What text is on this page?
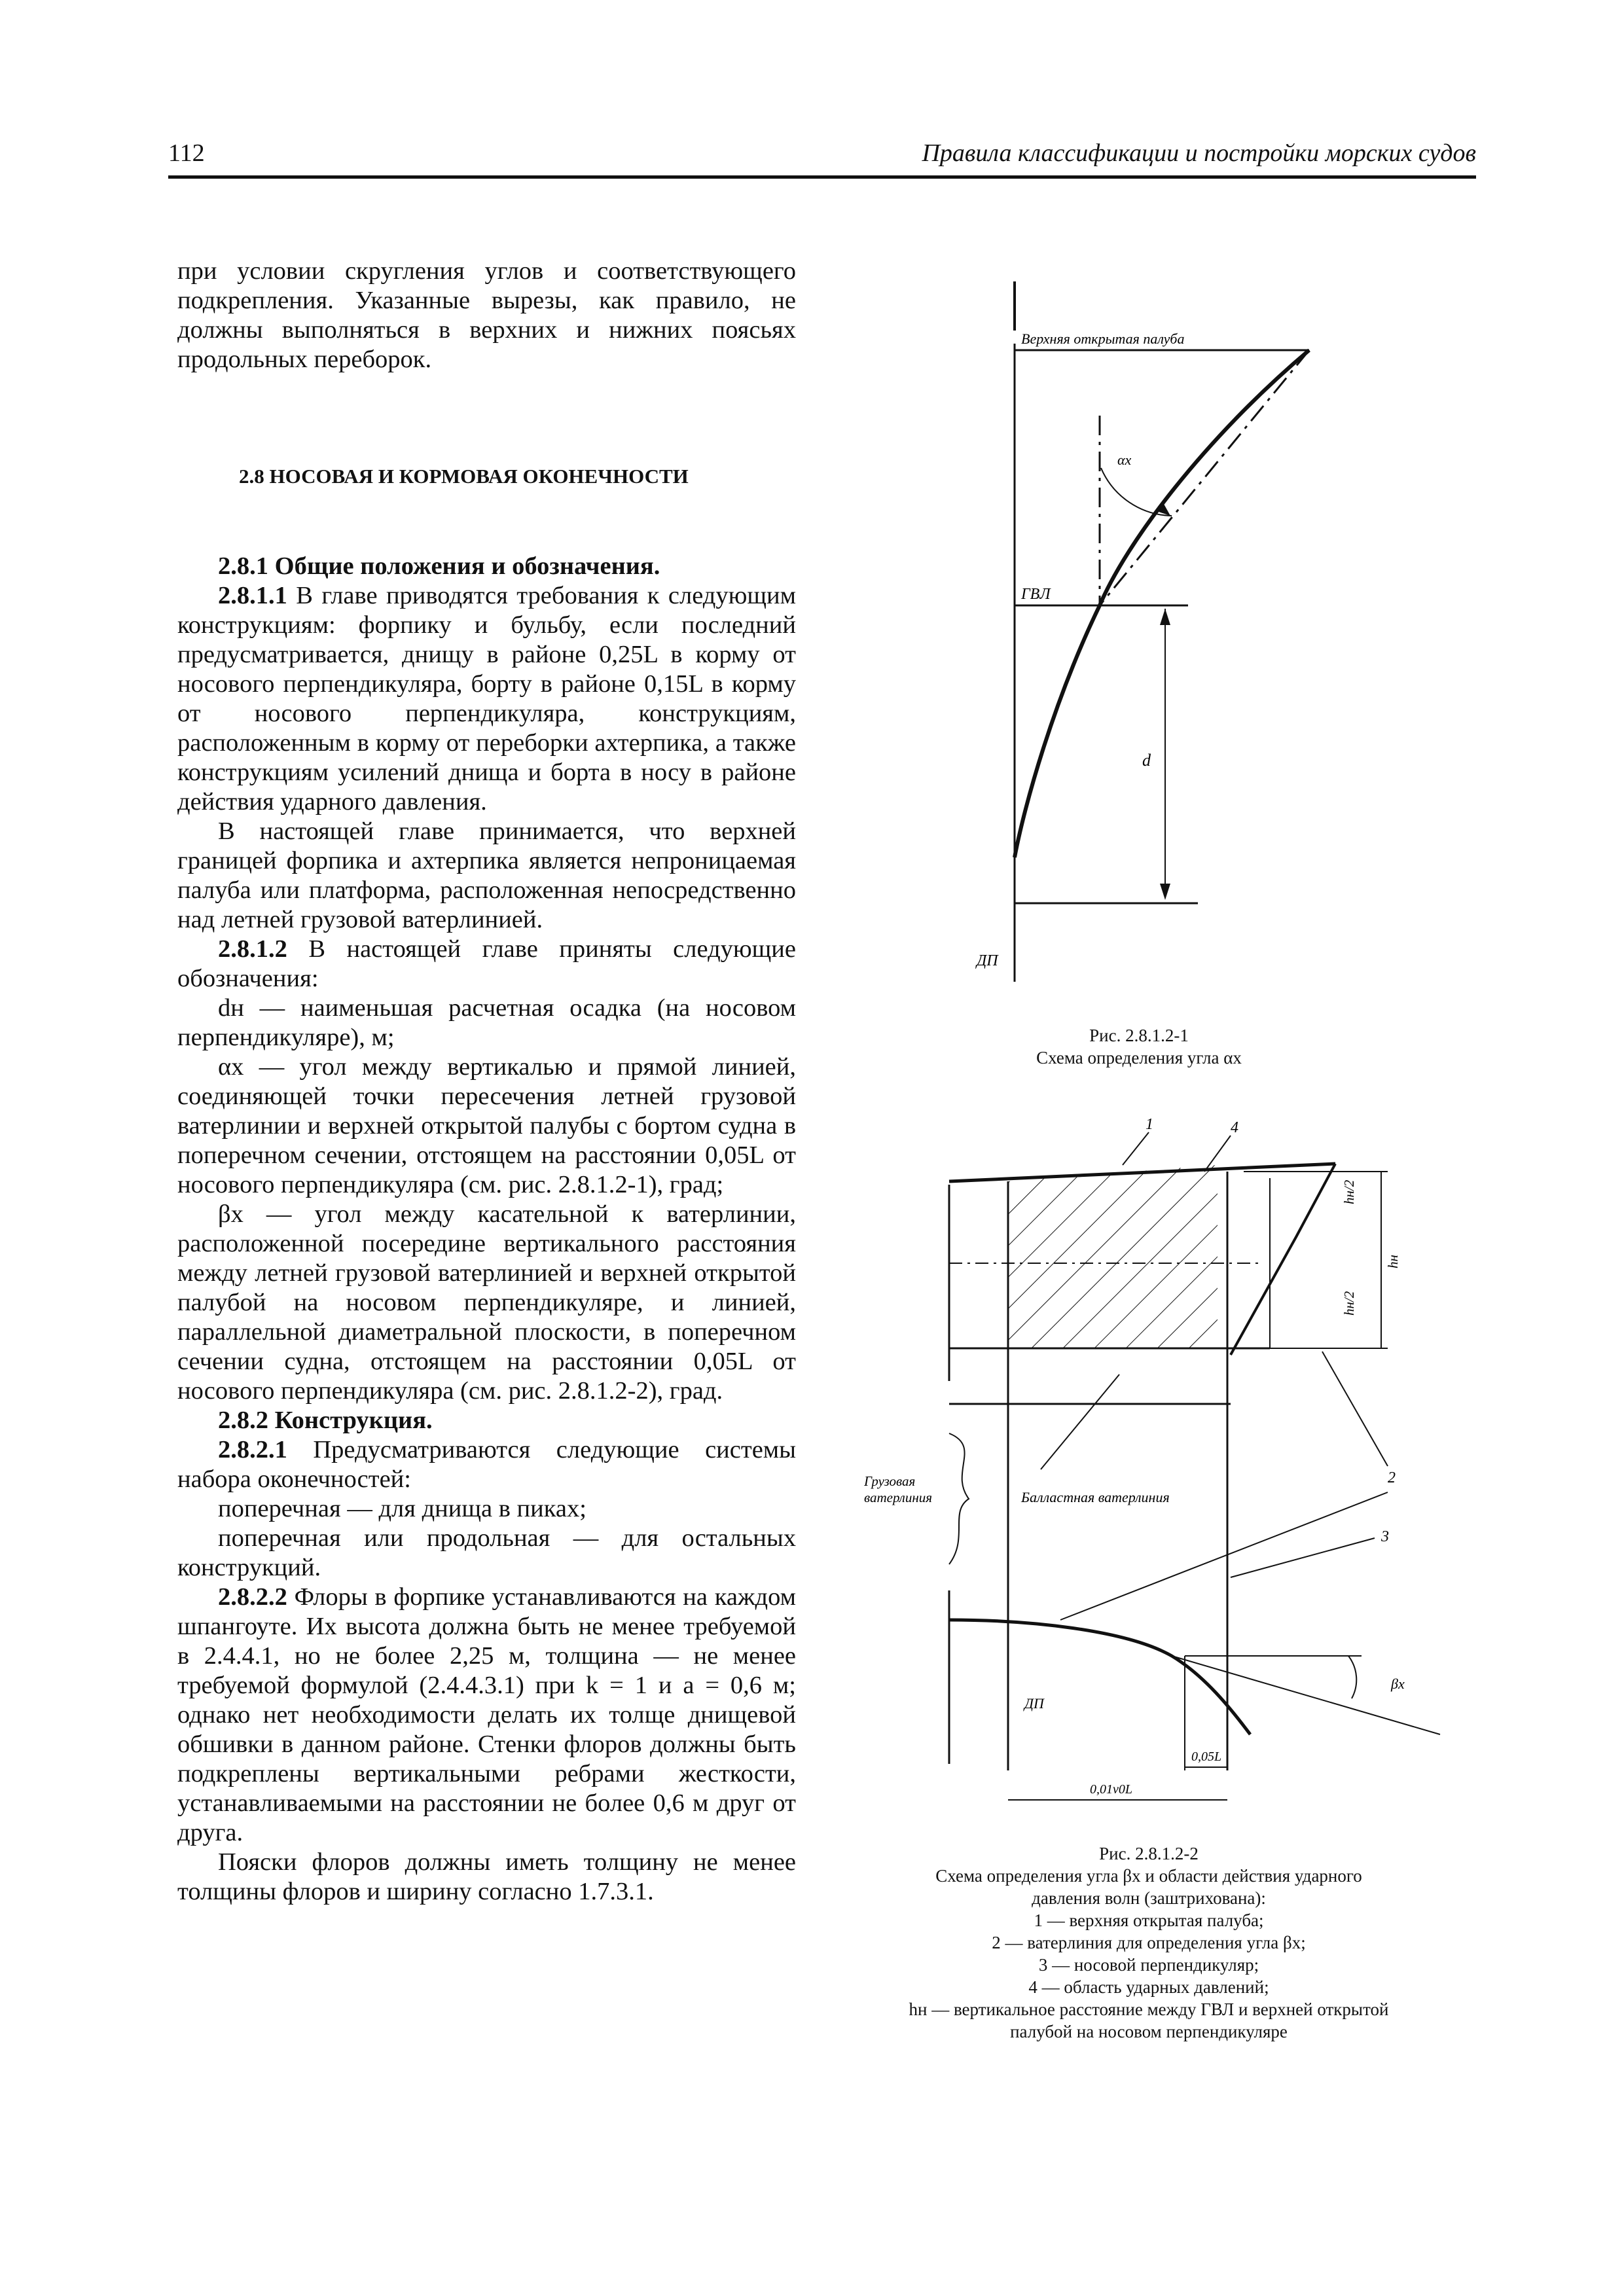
112	Правила классификации и постройки морских судов

при условии скругления углов и соответствующего подкрепления. Указанные вырезы, как правило, не должны выполняться в верхних и нижних поясьях продольных переборок.

2.8 НОСОВАЯ И КОРМОВАЯ ОКОНЕЧНОСТИ

2.8.1 Общие положения и обозначения.

2.8.1.1 В главе приводятся требования к следующим конструкциям: форпику и бульбу, если последний предусматривается, днищу в районе 0,25L в корму от носового перпендикуляра, борту в районе 0,15L в корму от носового перпендикуляра, конструкциям, расположенным в корму от переборки ахтерпика, а также конструкциям усилений днища и борта в носу в районе действия ударного давления.

В настоящей главе принимается, что верхней границей форпика и ахтерпика является непроницаемая палуба или платформа, расположенная непосредственно над летней грузовой ватерлинией.

2.8.1.2 В настоящей главе приняты следующие обозначения:

dн — наименьшая расчетная осадка (на носовом перпендикуляре), м;

αx — угол между вертикалью и прямой линией, соединяющей точки пересечения летней грузовой ватерлинии и верхней открытой палубы с бортом судна в поперечном сечении, отстоящем на расстоянии 0,05L от носового перпендикуляра (см. рис. 2.8.1.2-1), град;

βx — угол между касательной к ватерлинии, расположенной посередине вертикального расстояния между летней грузовой ватерлинией и верхней открытой палубой на носовом перпендикуляре, и линией, параллельной диаметральной плоскости, в поперечном сечении судна, отстоящем на расстоянии 0,05L от носового перпендикуляра (см. рис. 2.8.1.2-2), град.

2.8.2 Конструкция.

2.8.2.1 Предусматриваются следующие системы набора оконечностей:

поперечная — для днища в пиках;

поперечная или продольная — для остальных конструкций.

2.8.2.2 Флоры в форпике устанавливаются на каждом шпангоуте. Их высота должна быть не менее требуемой в 2.4.4.1, но не более 2,25 м, толщина — не менее требуемой формулой (2.4.4.3.1) при k = 1 и a = 0,6 м; однако нет необходимости делать их толще днищевой обшивки в данном районе. Стенки флоров должны быть подкреплены вертикальными ребрами жесткости, устанавливаемыми на расстоянии не более 0,6 м друг от друга.

Пояски флоров должны иметь толщину не менее толщины флоров и ширину согласно 1.7.3.1.

Верхняя открытая палуба
αx
ГВЛ
d
ДП
Рис. 2.8.1.2-1
Схема определения угла αx
1	4
2
3
hн/2
hн
hн/2
Грузовая
ватерлиния	Балластная ватерлиния
βx
ДП
0,05L
0,01v0L
Рис. 2.8.1.2-2
Схема определения угла βx и области действия ударного
давления волн (заштрихована):
1 — верхняя открытая палуба;
2 — ватерлиния для определения угла βx;
3 — носовой перпендикуляр;
4 — область ударных давлений;
hн — вертикальное расстояние между ГВЛ и верхней открытой
палубой на носовом перпендикуляре
